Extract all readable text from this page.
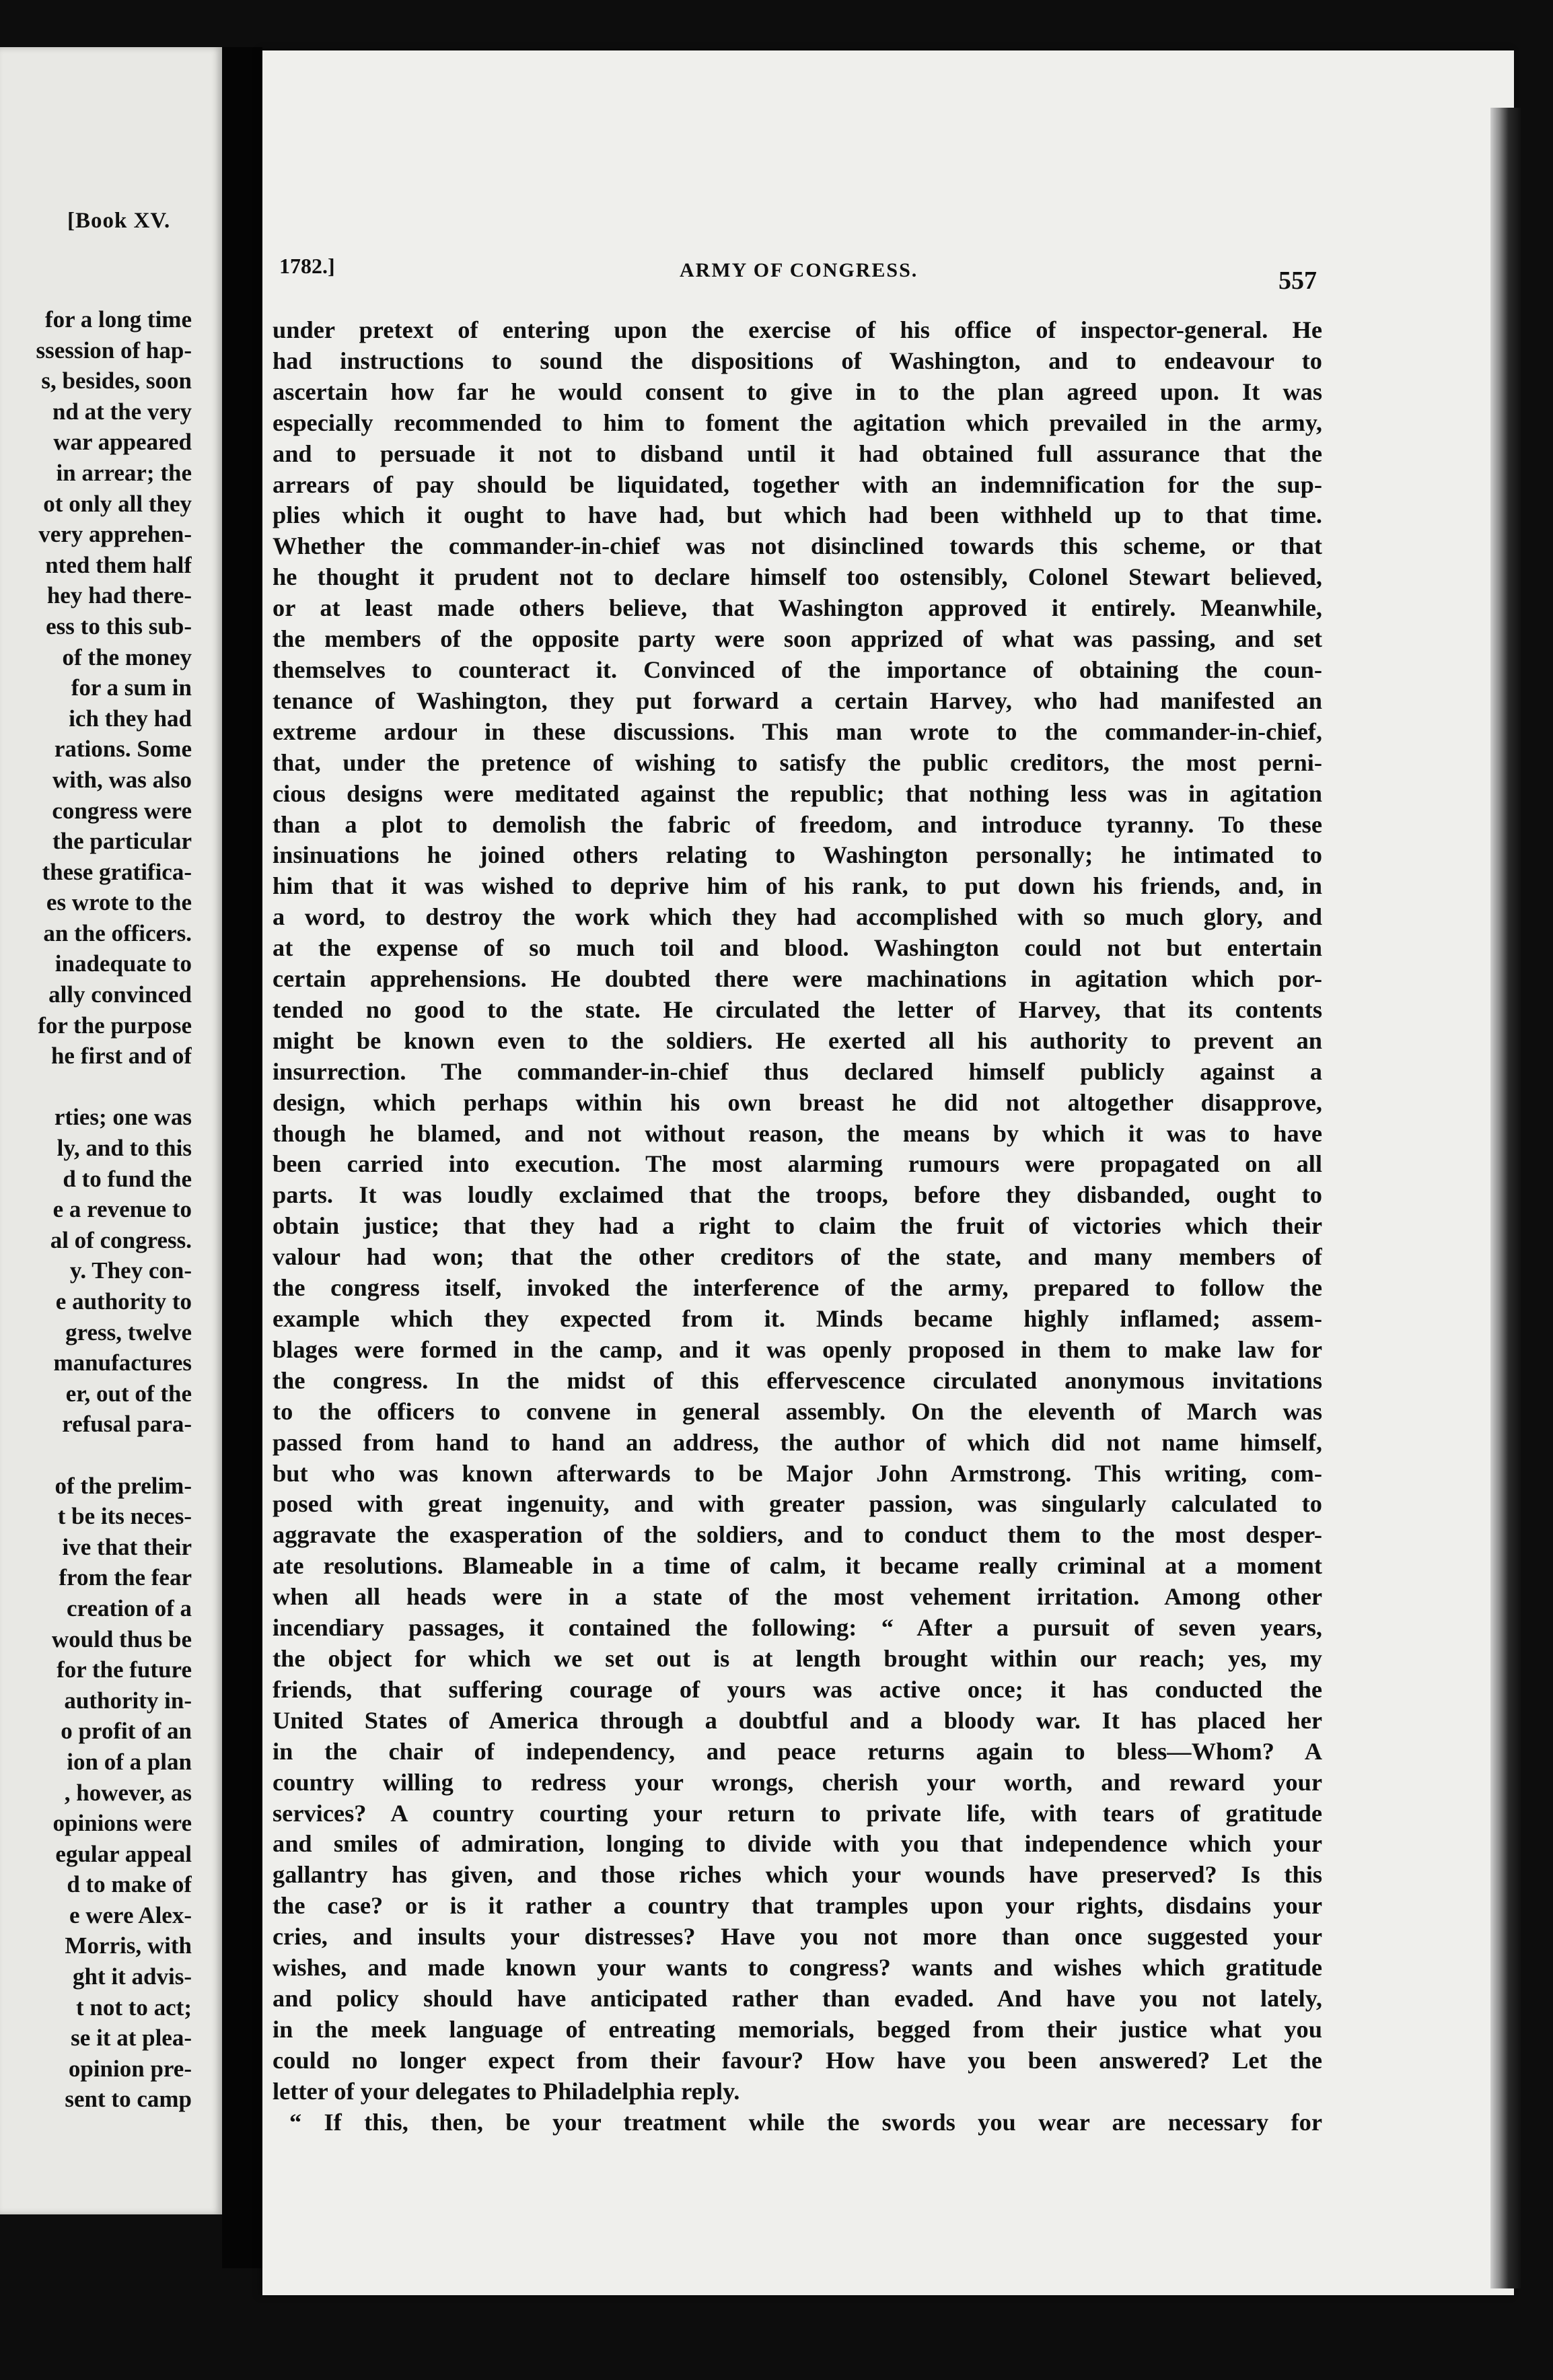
[Book XV.
for a long time
ssession of hap-
s, besides, soon
nd at the very
war appeared
in arrear; the
ot only all they
very apprehen-
nted them half
hey had there-
ess to this sub-
of the money
for a sum in
ich they had
rations. Some
with, was also
congress were
the particular
these gratifica-
es wrote to the
an the officers.
inadequate to
ally convinced
for the purpose
he first and of

rties; one was
ly, and to this
d to fund the
e a revenue to
al of congress.
y. They con-
e authority to
gress, twelve
manufactures
er, out of the
refusal para-

of the prelim-
t be its neces-
ive that their
from the fear
creation of a
would thus be
for the future
authority in-
o profit of an
ion of a plan
, however, as
opinions were
egular appeal
d to make of
e were Alex-
Morris, with
ght it advis-
t not to act;
se it at plea-
opinion pre-
sent to camp
1782.]	ARMY OF CONGRESS.	557
under pretext of entering upon the exercise of his office of inspector-general. He
had instructions to sound the dispositions of Washington, and to endeavour to
ascertain how far he would consent to give in to the plan agreed upon. It was
especially recommended to him to foment the agitation which prevailed in the army,
and to persuade it not to disband until it had obtained full assurance that the
arrears of pay should be liquidated, together with an indemnification for the sup-
plies which it ought to have had, but which had been withheld up to that time.
Whether the commander-in-chief was not disinclined towards this scheme, or that
he thought it prudent not to declare himself too ostensibly, Colonel Stewart believed,
or at least made others believe, that Washington approved it entirely. Meanwhile,
the members of the opposite party were soon apprized of what was passing, and set
themselves to counteract it. Convinced of the importance of obtaining the coun-
tenance of Washington, they put forward a certain Harvey, who had manifested an
extreme ardour in these discussions. This man wrote to the commander-in-chief,
that, under the pretence of wishing to satisfy the public creditors, the most perni-
cious designs were meditated against the republic; that nothing less was in agitation
than a plot to demolish the fabric of freedom, and introduce tyranny. To these
insinuations he joined others relating to Washington personally; he intimated to
him that it was wished to deprive him of his rank, to put down his friends, and, in
a word, to destroy the work which they had accomplished with so much glory, and
at the expense of so much toil and blood. Washington could not but entertain
certain apprehensions. He doubted there were machinations in agitation which por-
tended no good to the state. He circulated the letter of Harvey, that its contents
might be known even to the soldiers. He exerted all his authority to prevent an
insurrection. The commander-in-chief thus declared himself publicly against a
design, which perhaps within his own breast he did not altogether disapprove,
though he blamed, and not without reason, the means by which it was to have
been carried into execution. The most alarming rumours were propagated on all
parts. It was loudly exclaimed that the troops, before they disbanded, ought to
obtain justice; that they had a right to claim the fruit of victories which their
valour had won; that the other creditors of the state, and many members of
the congress itself, invoked the interference of the army, prepared to follow the
example which they expected from it. Minds became highly inflamed; assem-
blages were formed in the camp, and it was openly proposed in them to make law for
the congress. In the midst of this effervescence circulated anonymous invitations
to the officers to convene in general assembly. On the eleventh of March was
passed from hand to hand an address, the author of which did not name himself,
but who was known afterwards to be Major John Armstrong. This writing, com-
posed with great ingenuity, and with greater passion, was singularly calculated to
aggravate the exasperation of the soldiers, and to conduct them to the most desper-
ate resolutions. Blameable in a time of calm, it became really criminal at a moment
when all heads were in a state of the most vehement irritation. Among other
incendiary passages, it contained the following: “ After a pursuit of seven years,
the object for which we set out is at length brought within our reach; yes, my
friends, that suffering courage of yours was active once; it has conducted the
United States of America through a doubtful and a bloody war. It has placed her
in the chair of independency, and peace returns again to bless—Whom? A
country willing to redress your wrongs, cherish your worth, and reward your
services? A country courting your return to private life, with tears of gratitude
and smiles of admiration, longing to divide with you that independence which your
gallantry has given, and those riches which your wounds have preserved? Is this
the case? or is it rather a country that tramples upon your rights, disdains your
cries, and insults your distresses? Have you not more than once suggested your
wishes, and made known your wants to congress? wants and wishes which gratitude
and policy should have anticipated rather than evaded. And have you not lately,
in the meek language of entreating memorials, begged from their justice what you
could no longer expect from their favour? How have you been answered? Let the
letter of your delegates to Philadelphia reply.
“ If this, then, be your treatment while the swords you wear are necessary for
